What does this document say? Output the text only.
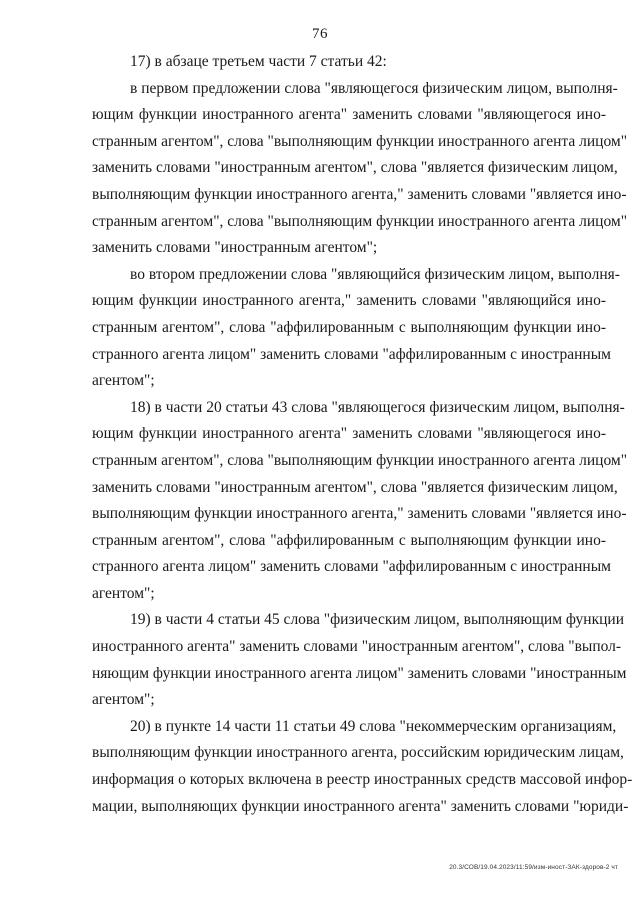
76
17) в абзаце третьем части 7 статьи 42:
в первом предложении слова "являющегося физическим лицом, выполня-
ющим функции иностранного агента" заменить словами "являющегося ино-
странным агентом", слова "выполняющим функции иностранного агента лицом"
заменить словами "иностранным агентом", слова "является физическим лицом,
выполняющим функции иностранного агента," заменить словами "является ино-
странным агентом", слова "выполняющим функции иностранного агента лицом"
заменить словами "иностранным агентом";
во втором предложении слова "являющийся физическим лицом, выполня-
ющим функции иностранного агента," заменить словами "являющийся ино-
странным агентом", слова "аффилированным с выполняющим функции ино-
странного агента лицом" заменить словами "аффилированным с иностранным
агентом";
18) в части 20 статьи 43 слова "являющегося физическим лицом, выполня-
ющим функции иностранного агента" заменить словами "являющегося ино-
странным агентом", слова "выполняющим функции иностранного агента лицом"
заменить словами "иностранным агентом", слова "является физическим лицом,
выполняющим функции иностранного агента," заменить словами "является ино-
странным агентом", слова "аффилированным с выполняющим функции ино-
странного агента лицом" заменить словами "аффилированным с иностранным
агентом";
19) в части 4 статьи 45 слова "физическим лицом, выполняющим функции
иностранного агента" заменить словами "иностранным агентом", слова "выпол-
няющим функции иностранного агента лицом" заменить словами "иностранным
агентом";
20) в пункте 14 части 11 статьи 49 слова "некоммерческим организациям,
выполняющим функции иностранного агента, российским юридическим лицам,
информация о которых включена в реестр иностранных средств массовой инфор-
мации, выполняющих функции иностранного агента" заменить словами "юриди-
20.3/СОВ/19.04.2023/11:59/изм-иност-ЗАК-здоров-2 чт
